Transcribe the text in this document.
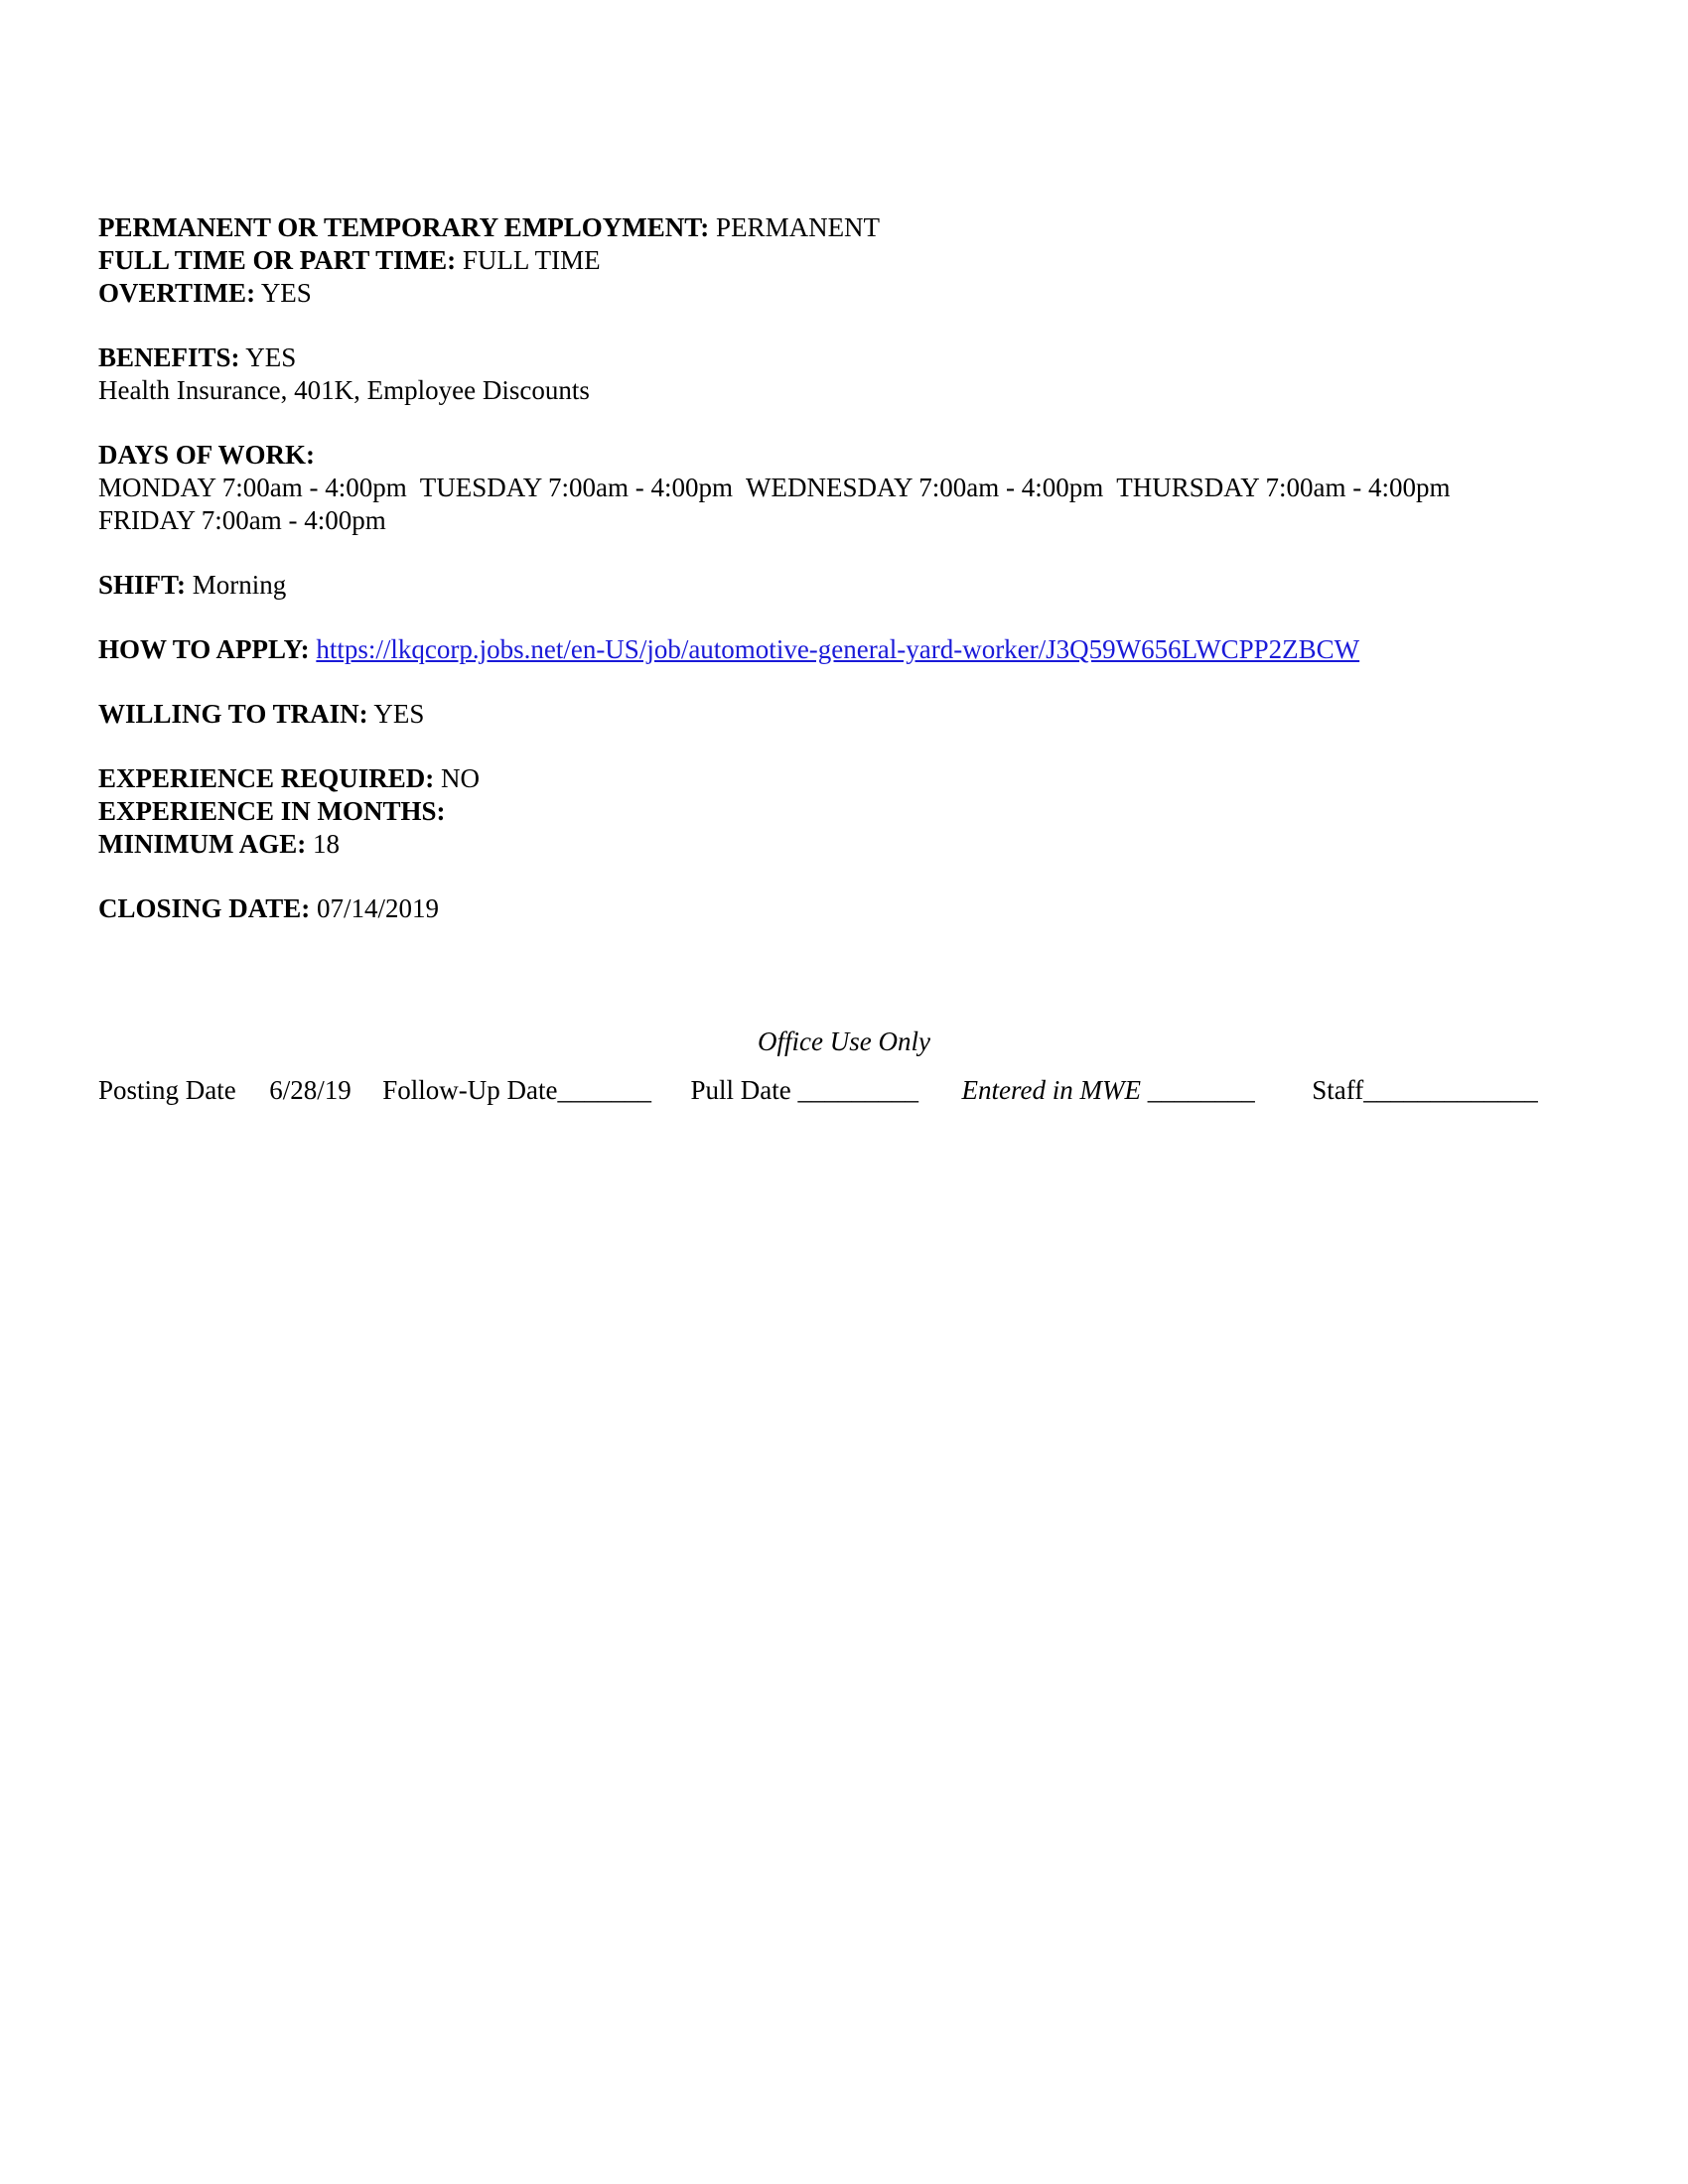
PERMANENT OR TEMPORARY EMPLOYMENT: PERMANENT
FULL TIME OR PART TIME: FULL TIME
OVERTIME: YES
BENEFITS: YES
Health Insurance, 401K, Employee Discounts
DAYS OF WORK:
MONDAY 7:00am - 4:00pm  TUESDAY 7:00am - 4:00pm  WEDNESDAY 7:00am - 4:00pm  THURSDAY 7:00am - 4:00pm
FRIDAY 7:00am - 4:00pm
SHIFT: Morning
HOW TO APPLY: https://lkqcorp.jobs.net/en-US/job/automotive-general-yard-worker/J3Q59W656LWCPP2ZBCW
WILLING TO TRAIN: YES
EXPERIENCE REQUIRED: NO
EXPERIENCE IN MONTHS:
MINIMUM AGE: 18
CLOSING DATE: 07/14/2019
Office Use Only
Posting Date 6/28/19 Follow-Up Date_______ Pull Date _________ Entered in MWE ________ Staff_____________
